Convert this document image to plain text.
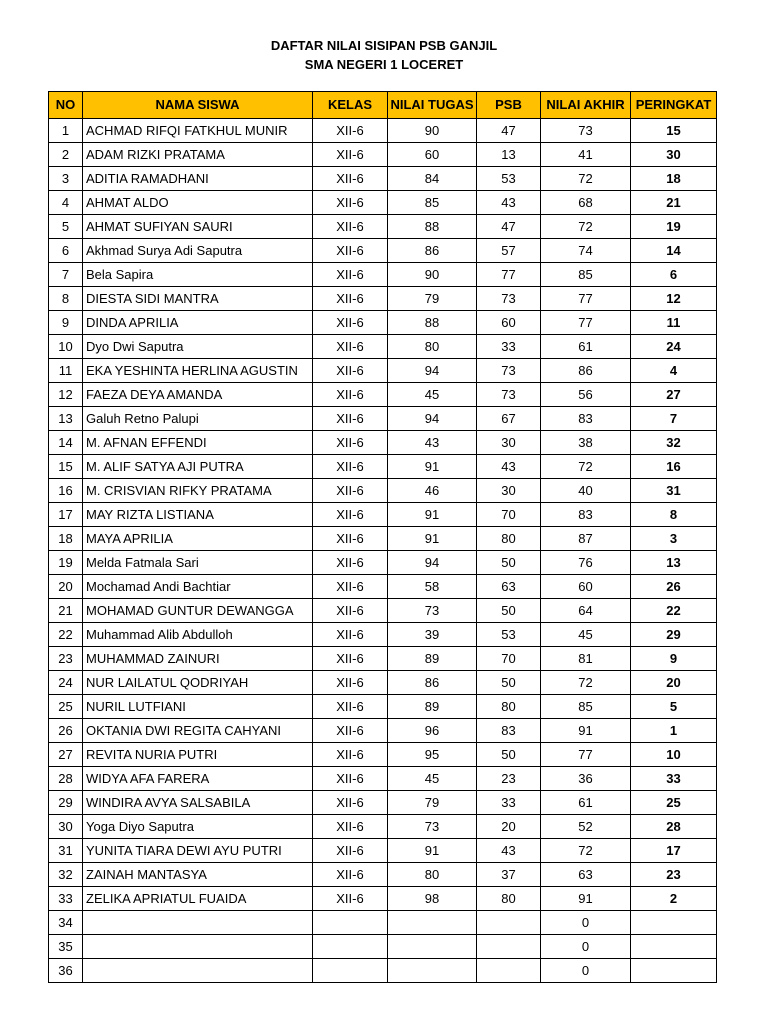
DAFTAR NILAI SISIPAN PSB GANJIL
SMA NEGERI 1 LOCERET
NO	NAMA SISWA	KELAS	NILAI TUGAS	PSB	NILAI AKHIR	PERINGKAT
1	ACHMAD RIFQI FATKHUL MUNIR	XII-6	90	47	73	15
2	ADAM RIZKI PRATAMA	XII-6	60	13	41	30
3	ADITIA RAMADHANI	XII-6	84	53	72	18
4	AHMAT ALDO	XII-6	85	43	68	21
5	AHMAT SUFIYAN SAURI	XII-6	88	47	72	19
6	Akhmad Surya Adi Saputra	XII-6	86	57	74	14
7	Bela Sapira	XII-6	90	77	85	6
8	DIESTA SIDI MANTRA	XII-6	79	73	77	12
9	DINDA APRILIA	XII-6	88	60	77	11
10	Dyo Dwi Saputra	XII-6	80	33	61	24
11	EKA YESHINTA HERLINA AGUSTIN	XII-6	94	73	86	4
12	FAEZA DEYA AMANDA	XII-6	45	73	56	27
13	Galuh Retno Palupi	XII-6	94	67	83	7
14	M. AFNAN EFFENDI	XII-6	43	30	38	32
15	M. ALIF SATYA AJI PUTRA	XII-6	91	43	72	16
16	M. CRISVIAN RIFKY PRATAMA	XII-6	46	30	40	31
17	MAY RIZTA LISTIANA	XII-6	91	70	83	8
18	MAYA APRILIA	XII-6	91	80	87	3
19	Melda Fatmala Sari	XII-6	94	50	76	13
20	Mochamad Andi Bachtiar	XII-6	58	63	60	26
21	MOHAMAD GUNTUR DEWANGGA	XII-6	73	50	64	22
22	Muhammad Alib Abdulloh	XII-6	39	53	45	29
23	MUHAMMAD ZAINURI	XII-6	89	70	81	9
24	NUR LAILATUL QODRIYAH	XII-6	86	50	72	20
25	NURIL LUTFIANI	XII-6	89	80	85	5
26	OKTANIA DWI REGITA CAHYANI	XII-6	96	83	91	1
27	REVITA NURIA PUTRI	XII-6	95	50	77	10
28	WIDYA AFA FARERA	XII-6	45	23	36	33
29	WINDIRA AVYA SALSABILA	XII-6	79	33	61	25
30	Yoga Diyo Saputra	XII-6	73	20	52	28
31	YUNITA TIARA DEWI AYU PUTRI	XII-6	91	43	72	17
32	ZAINAH MANTASYA	XII-6	80	37	63	23
33	ZELIKA APRIATUL FUAIDA	XII-6	98	80	91	2
34					0	
35					0	
36					0	
